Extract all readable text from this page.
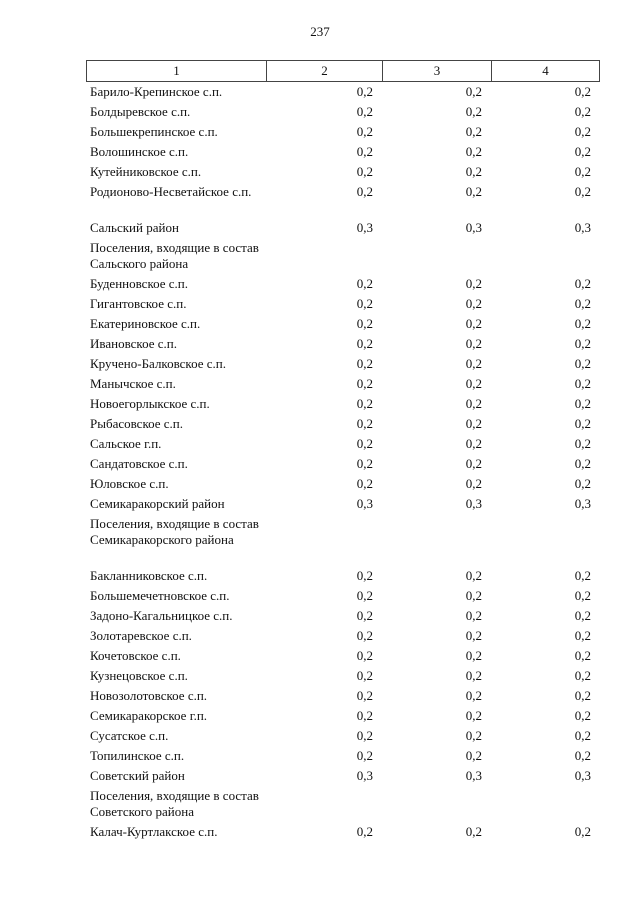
237
1	2	3	4
Барило-Крепинское с.п.	0,2	0,2	0,2
Болдыревское с.п.	0,2	0,2	0,2
Большекрепинское с.п.	0,2	0,2	0,2
Волошинское с.п.	0,2	0,2	0,2
Кутейниковское с.п.	0,2	0,2	0,2
Родионово-Несветайское с.п.	0,2	0,2	0,2
Сальский район	0,3	0,3	0,3
Поселения, входящие в состав Сальского района
Буденновское с.п.	0,2	0,2	0,2
Гигантовское с.п.	0,2	0,2	0,2
Екатериновское с.п.	0,2	0,2	0,2
Ивановское с.п.	0,2	0,2	0,2
Кручено-Балковское с.п.	0,2	0,2	0,2
Манычское с.п.	0,2	0,2	0,2
Новоегорлыкское с.п.	0,2	0,2	0,2
Рыбасовское с.п.	0,2	0,2	0,2
Сальское г.п.	0,2	0,2	0,2
Сандатовское с.п.	0,2	0,2	0,2
Юловское с.п.	0,2	0,2	0,2
Семикаракорский район	0,3	0,3	0,3
Поселения, входящие в состав Семикаракорского района
Бакланниковское с.п.	0,2	0,2	0,2
Большемечетновское с.п.	0,2	0,2	0,2
Задоно-Кагальницкое с.п.	0,2	0,2	0,2
Золотаревское с.п.	0,2	0,2	0,2
Кочетовское с.п.	0,2	0,2	0,2
Кузнецовское с.п.	0,2	0,2	0,2
Новозолотовское с.п.	0,2	0,2	0,2
Семикаракорское г.п.	0,2	0,2	0,2
Сусатское с.п.	0,2	0,2	0,2
Топилинское с.п.	0,2	0,2	0,2
Советский район	0,3	0,3	0,3
Поселения, входящие в состав Советского района
Калач-Куртлакское с.п.	0,2	0,2	0,2
